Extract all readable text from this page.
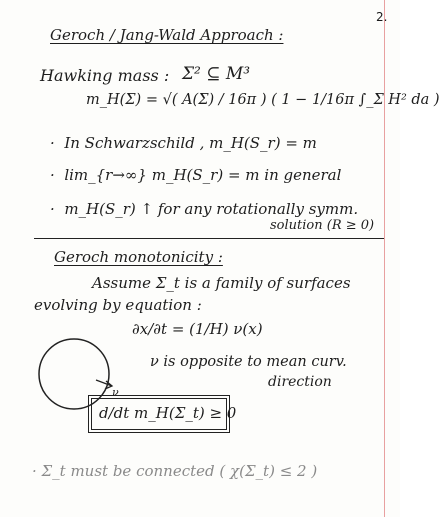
2.
Geroch / Jang-Wald Approach :
Hawking mass : Σ² ⊆ M³
m_H(Σ) = √( A(Σ) / 16π ) ( 1 − 1/16π ∫_Σ H² da )
·  In Schwarzschild , m_H(S_r) = m
·  lim_{r→∞} m_H(S_r) = m in general
·  m_H(S_r) ↑ for any rotationally symm.
solution (R ≥ 0)
Geroch monotonicity :
Assume Σ_t is a family of surfaces
evolving by equation :
∂x/∂t = (1/H) ν(x)
ν
ν is opposite to mean curv.
direction
d/dt m_H(Σ_t) ≥ 0
· Σ_t must be connected ( χ(Σ_t) ≤ 2 )
